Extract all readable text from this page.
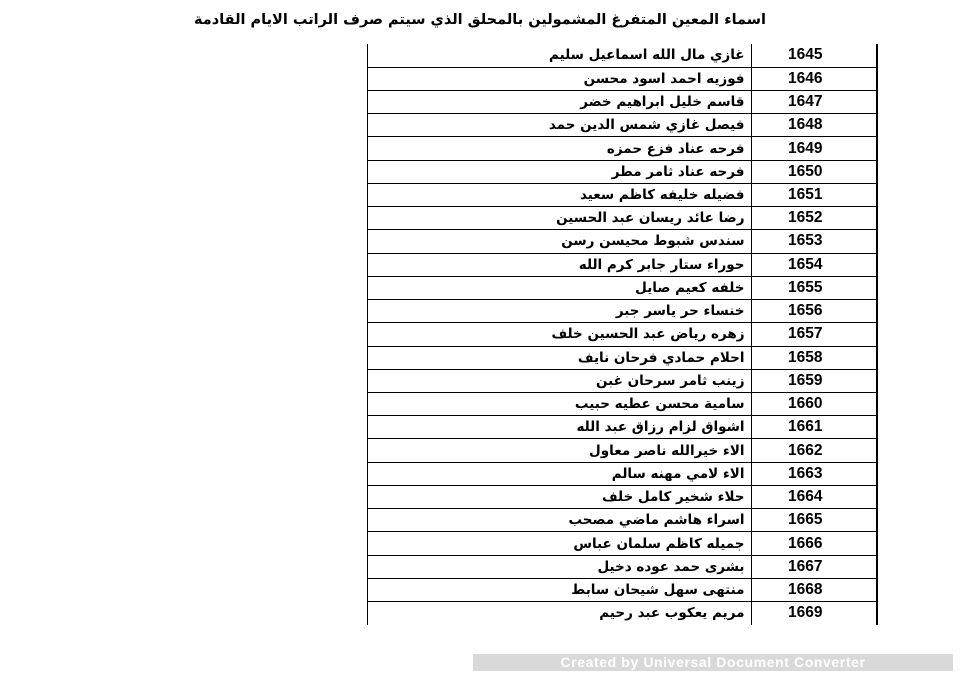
اسماء المعين المتفرغ المشمولين بالمحلق الذي سيتم صرف الراتب الايام القادمة
غازي مال الله اسماعيل سليم	1645
فوزيه احمد اسود محسن	1646
قاسم خليل ابراهيم خضر	1647
فيصل غازي شمس الدين حمد	1648
فرحه عناد فزع حمزه	1649
فرحه عناد ثامر مطر	1650
فضيله خليفه كاظم سعيد	1651
رضا عائد ريسان عبد الحسين	1652
سندس شبوط محيسن رسن	1653
حوراء ستار جابر كرم الله	1654
خلفه كعيم صايل	1655
خنساء حر ياسر جبر	1656
زهره رياض عبد الحسين خلف	1657
احلام حمادي فرحان نايف	1658
زينب ثامر سرحان غبن	1659
سامية محسن عطيه حبيب	1660
اشواق لزام رزاق عبد الله	1661
الاء خيرالله ناصر معاول	1662
الاء لامي مهنه سالم	1663
حلاء شخير كامل خلف	1664
اسراء هاشم ماضي مصحب	1665
جميله كاظم سلمان عباس	1666
بشرى حمد عوده دخيل	1667
منتهى سهل شيحان سابط	1668
مريم يعكوب عبد رحيم	1669
Created by Universal Document Converter
